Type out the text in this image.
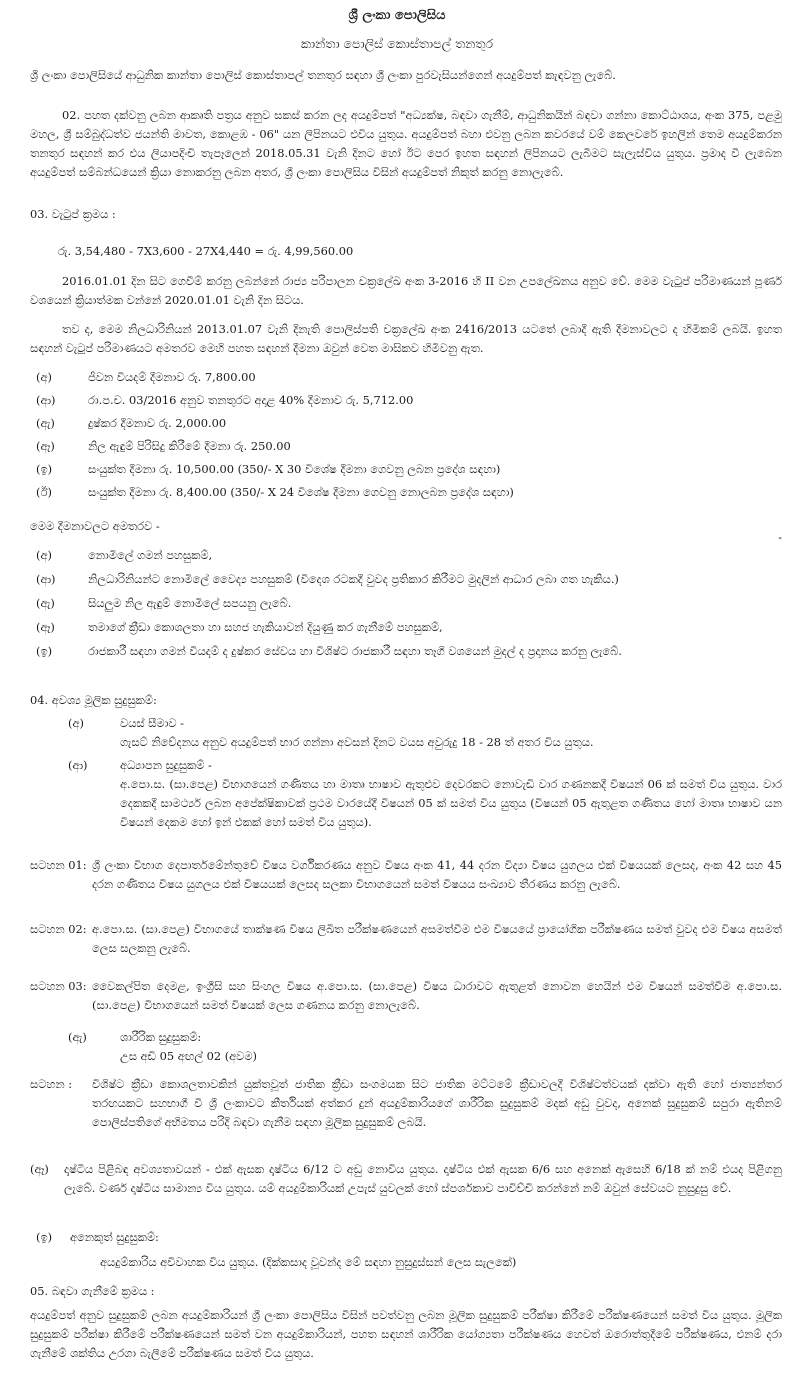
ශ්‍රී ලංකා පොලිසිය
කාන්තා පොලිස් කොස්තාපල් තනතුර
ශ්‍රී ලංකා පොලිසියේ ආධුනික කාන්තා පොලිස් කොස්තාපල් තනතුර සඳහා ශ්‍රී ලංකා පුරවැසියන්ගෙන් අයදුම්පත් කැඳවනු ලැබේ.
02. පහත දක්වනු ලබන ආකෘති පත්‍රය අනුව සකස් කරන ලද අයදුම්පත් "අධ්‍යක්ෂ, බඳවා ගැනීම්, ආධුනිකයින් බඳවා ගන්නා කොට්ඨාශය, අංක 375, පළමු මහල, ශ්‍රී සම්බුද්ධත්ව ජයන්ති මාවත, කොළඹ - 06" යන ලිපිනයට එවිය යුතුය. අයදුම්පත් බහා එවනු ලබන කවරයේ වම් කෙලවරේ ඉහලින් තෙම අයදුම්කරන තනතුර සඳහන් කර එය ලියාපදිංචි තැපෑලෙන් 2018.05.31 වැනි දිනට හෝ ඊට පෙර ඉහත සඳහන් ලිපිනයට ලැබීමට සැලැස්විය යුතුය. ප්‍රමාද වී ලැබෙන අයදුම්පත් සම්බන්ධයෙන් ක්‍රියා නොකරනු ලබන අතර, ශ්‍රී ලංකා පොලිසිය විසින් අයදුම්පත් නිකුත් කරනු නොලැබේ.
03. වැටුප් ක්‍රමය :
රු. 3,54,480 - 7X3,600 - 27X4,440 = රු. 4,99,560.00
2016.01.01 දින සිට ගෙවීම් කරනු ලබන්නේ රාජ්‍ය පරිපාලන චක්‍රලේඛ අංක 3-2016 හි II වන උපලේඛනය අනුව වේ. මෙම වැටුප් පරිමාණයන් පූර්ණ වශයෙන් ක්‍රියාත්මක වන්නේ 2020.01.01 වැනි දින සිටය.
තව ද, මෙම නිලධාරිනියන් 2013.01.07 වැනි දිනැති පොලිස්පති චක්‍රලේඛ අංක 2416/2013 යටතේ ලබාදී ඇති දීමනාවලට ද හිමිකම් ලබයි. ඉහත සඳහන් වැටුප් පරිමාණයට අමතරව මෙහි පහත සඳහන් දීමනා ඔවුන් වෙත මාසිකව හිමිවනු ඇත.
(අ)	ජීවන වියදම් දීමනාව රු. 7,800.00
(ආ)	රා.ප.ච. 03/2016 අනුව තනතුරට අදාළ 40% දීමනාව රු. 5,712.00
(ඇ)	දුෂ්කර දීමනාව රු. 2,000.00
(ඈ)	නිල ඇඳුම් පිරිසිදු කිරීමේ දීමනා රු. 250.00
(ඉ)	සංයුක්ත දීමනා රු. 10,500.00 (350/- X 30 විශේෂ දීමනා ගෙවනු ලබන ප්‍රදේශ සඳහා)
(ඊ)	සංයුක්ත දීමනා රු. 8,400.00 (350/- X 24 විශේෂ දීමනා ගෙවනු නොලබන ප්‍රදේශ සඳහා)
මෙම දීමනාවලට අමතරව -
-
(අ)	නොමිලේ ගමන් පහසුකම්,
(ආ)	නිලධාරිනියන්ට නොමිලේ වෛද්‍ය පහසුකම් (විදෙශ රටකදී වුවද ප්‍රතිකාර කිරීමට මුදලින් ආධාර ලබා ගත හැකිය.)
(ඇ)	සියලුම නිල ඇඳුම් නොමිලේ සපයනු ලැබේ.
(ඈ)	තමාගේ ක්‍රීඩා කොශලතා හා සහජ හැකියාවන් දියුණු කර ගැනීමේ පහසුකම්,
(ඉ)	රාජකාරී සඳහා ගමන් වියදම් ද දුෂ්කර සේවය හා විශිෂ්ට රාජකාරී සඳහා තෑගි වශයෙන් මුදල් ද ප්‍රදානය කරනු ලැබේ.
04. අවශ්‍ය මූලික සුදුසුකම්:
(අ)	වයස් සීමාව -
ගැසට් නිවේදනය අනුව අයදුම්පත් භාර ගන්නා අවසන් දිනට වයස අවුරුදු 18 - 28 ත් අතර විය යුතුය.
(ආ)	අධ්‍යාපන සුදුසුකම් -
අ.පො.ස. (සා.පෙළ) විභාගයෙන් ගණිතය හා මාතෘ භාෂාව ඇතුළුව දෙවරකට නොවැඩි වාර ගණනකදී විෂයන් 06 ක් සමත් විය යුතුය. වාර දෙකකදී සාමර්ථ්‍ය ලබන අපේක්ෂිකාවක් ප්‍රථම වාරයේදී විෂයන් 05 ක් සමත් විය යුතුය (විෂයන් 05 ඇතුළත ගණිතය හෝ මාතෘ භාෂාව යන විෂයන් දෙකම හෝ ඉන් එකක් හෝ සමත් විය යුතුය).
සටහන 01: ශ්‍රී ලංකා විභාග දෙපාර්තමේන්තුවේ විෂය වර්ගීකරණය අනුව විෂය අංක 41, 44 දරන විද්‍යා විෂය යුගලය එක් විෂයයක් ලෙසද, අංක 42 සහ 45 දරන ගණිතය විෂය යුගලය එක් විෂයයක් ලෙසද සලකා විභාගයෙන් සමත් විෂයය සංඛ්‍යාව තීරණය කරනු ලැබේ.
සටහන 02: අ.පො.ස. (සා.පෙළ) විභාගයේ තාක්ෂණ විෂය ලිඛිත පරීක්ෂණයෙන් අසමත්වීම එම විෂයයේ ප්‍රායෝගික පරීක්ෂණය සමත් වුවද එම විෂය අසමත් ලෙස සලකනු ලැබේ.
සටහන 03: වෛකල්පිත දෙමළ, ඉංග්‍රීසි සහ සිංහල විෂය අ.පො.ස. (සා.පෙළ) විෂය ධාරාවට ඇතුළත් නොවන හෙයින් එම විෂයන් සමත්වීම අ.පො.ස. (සා.පෙළ) විභාගයෙන් සමත් විෂයක් ලෙස ගණනය කරනු නොලැබේ.
(ඇ)	ශාරීරික සුදුසුකම්:
උස අඩි 05 අඟල් 02 (අවම)
සටහන : විශිෂ්ට ක්‍රීඩා කොශලතාවකින් යුක්තවූත් ජාතික ක්‍රීඩා සංගමයක සිට ජාතික මට්ටමේ ක්‍රීඩාවලදී විශිෂ්ටත්වයක් දක්වා ඇති හෝ ජාත්‍යන්තර තරඟයකට සහභාගී වී ශ්‍රී ලංකාවට කීර්තියක් අත්කර දුන් අයදුම්කාරියගේ ශාරීරික සුදුසුකම් මදක් අඩු වුවද, අනෙක් සුදුසුකම් සපුරා ඇතිනම් පොලිස්පතිගේ අභිමතය පරිදි බඳවා ගැනීම සඳහා මූලික සුදුසුකම් ලබයි.
(ඈ) දෘෂ්ටිය පිළිබඳ අවශ්‍යතාවයන් - එක් ඇසක දෘෂ්ටිය 6/12 ට අඩු නොවිය යුතුය. දෘෂ්ටිය එක් ඇසක 6/6 සහ අනෙක් ඇසෙහි 6/18 ක් නම් එයද පිළිගනු ලැබේ. වර්ණ දෘෂ්ටිය සාමාන්‍ය විය යුතුය. යම් අයදුම්කාරියක් උපැස් යුවලක් හෝ ස්පර්ශකාච පාවිච්චි කරන්නේ නම් ඔවුන් සේවයට නුසුදුසු වේ.
(ඉ)	අනෙකුත් සුදුසුකම්:
අයදුම්කාරිය අවිවාහක විය යුතුය. (දික්කසාද වූවන්ද මේ සඳහා නුසුදුස්සන් ලෙස සැලකේ)
05. බඳවා ගැනීමේ ක්‍රමය :
අයදුම්පත් අනුව සුදුසුකම් ලබන අයදුම්කාරියන් ශ්‍රී ලංකා පොලිසිය විසින් පවත්වනු ලබන මූලික සුදුසුකම් පරීක්ෂා කිරීමේ පරීක්ෂණයෙන් සමත් විය යුතුය. මූලික සුදුසුකම් පරීක්ෂා කිරීමේ පරීක්ෂණයෙන් සමත් වන අයදුම්කාරියන්, පහත සඳහන් ශාරීරික යෝග්‍යතා පරීක්ෂණය හෙවත් ඔරොත්තුදීමේ පරීක්ෂණය, එනම් දරා ගැනීමේ ශක්තිය උරගා බැලීමේ පරීක්ෂණය සමත් විය යුතුය.
